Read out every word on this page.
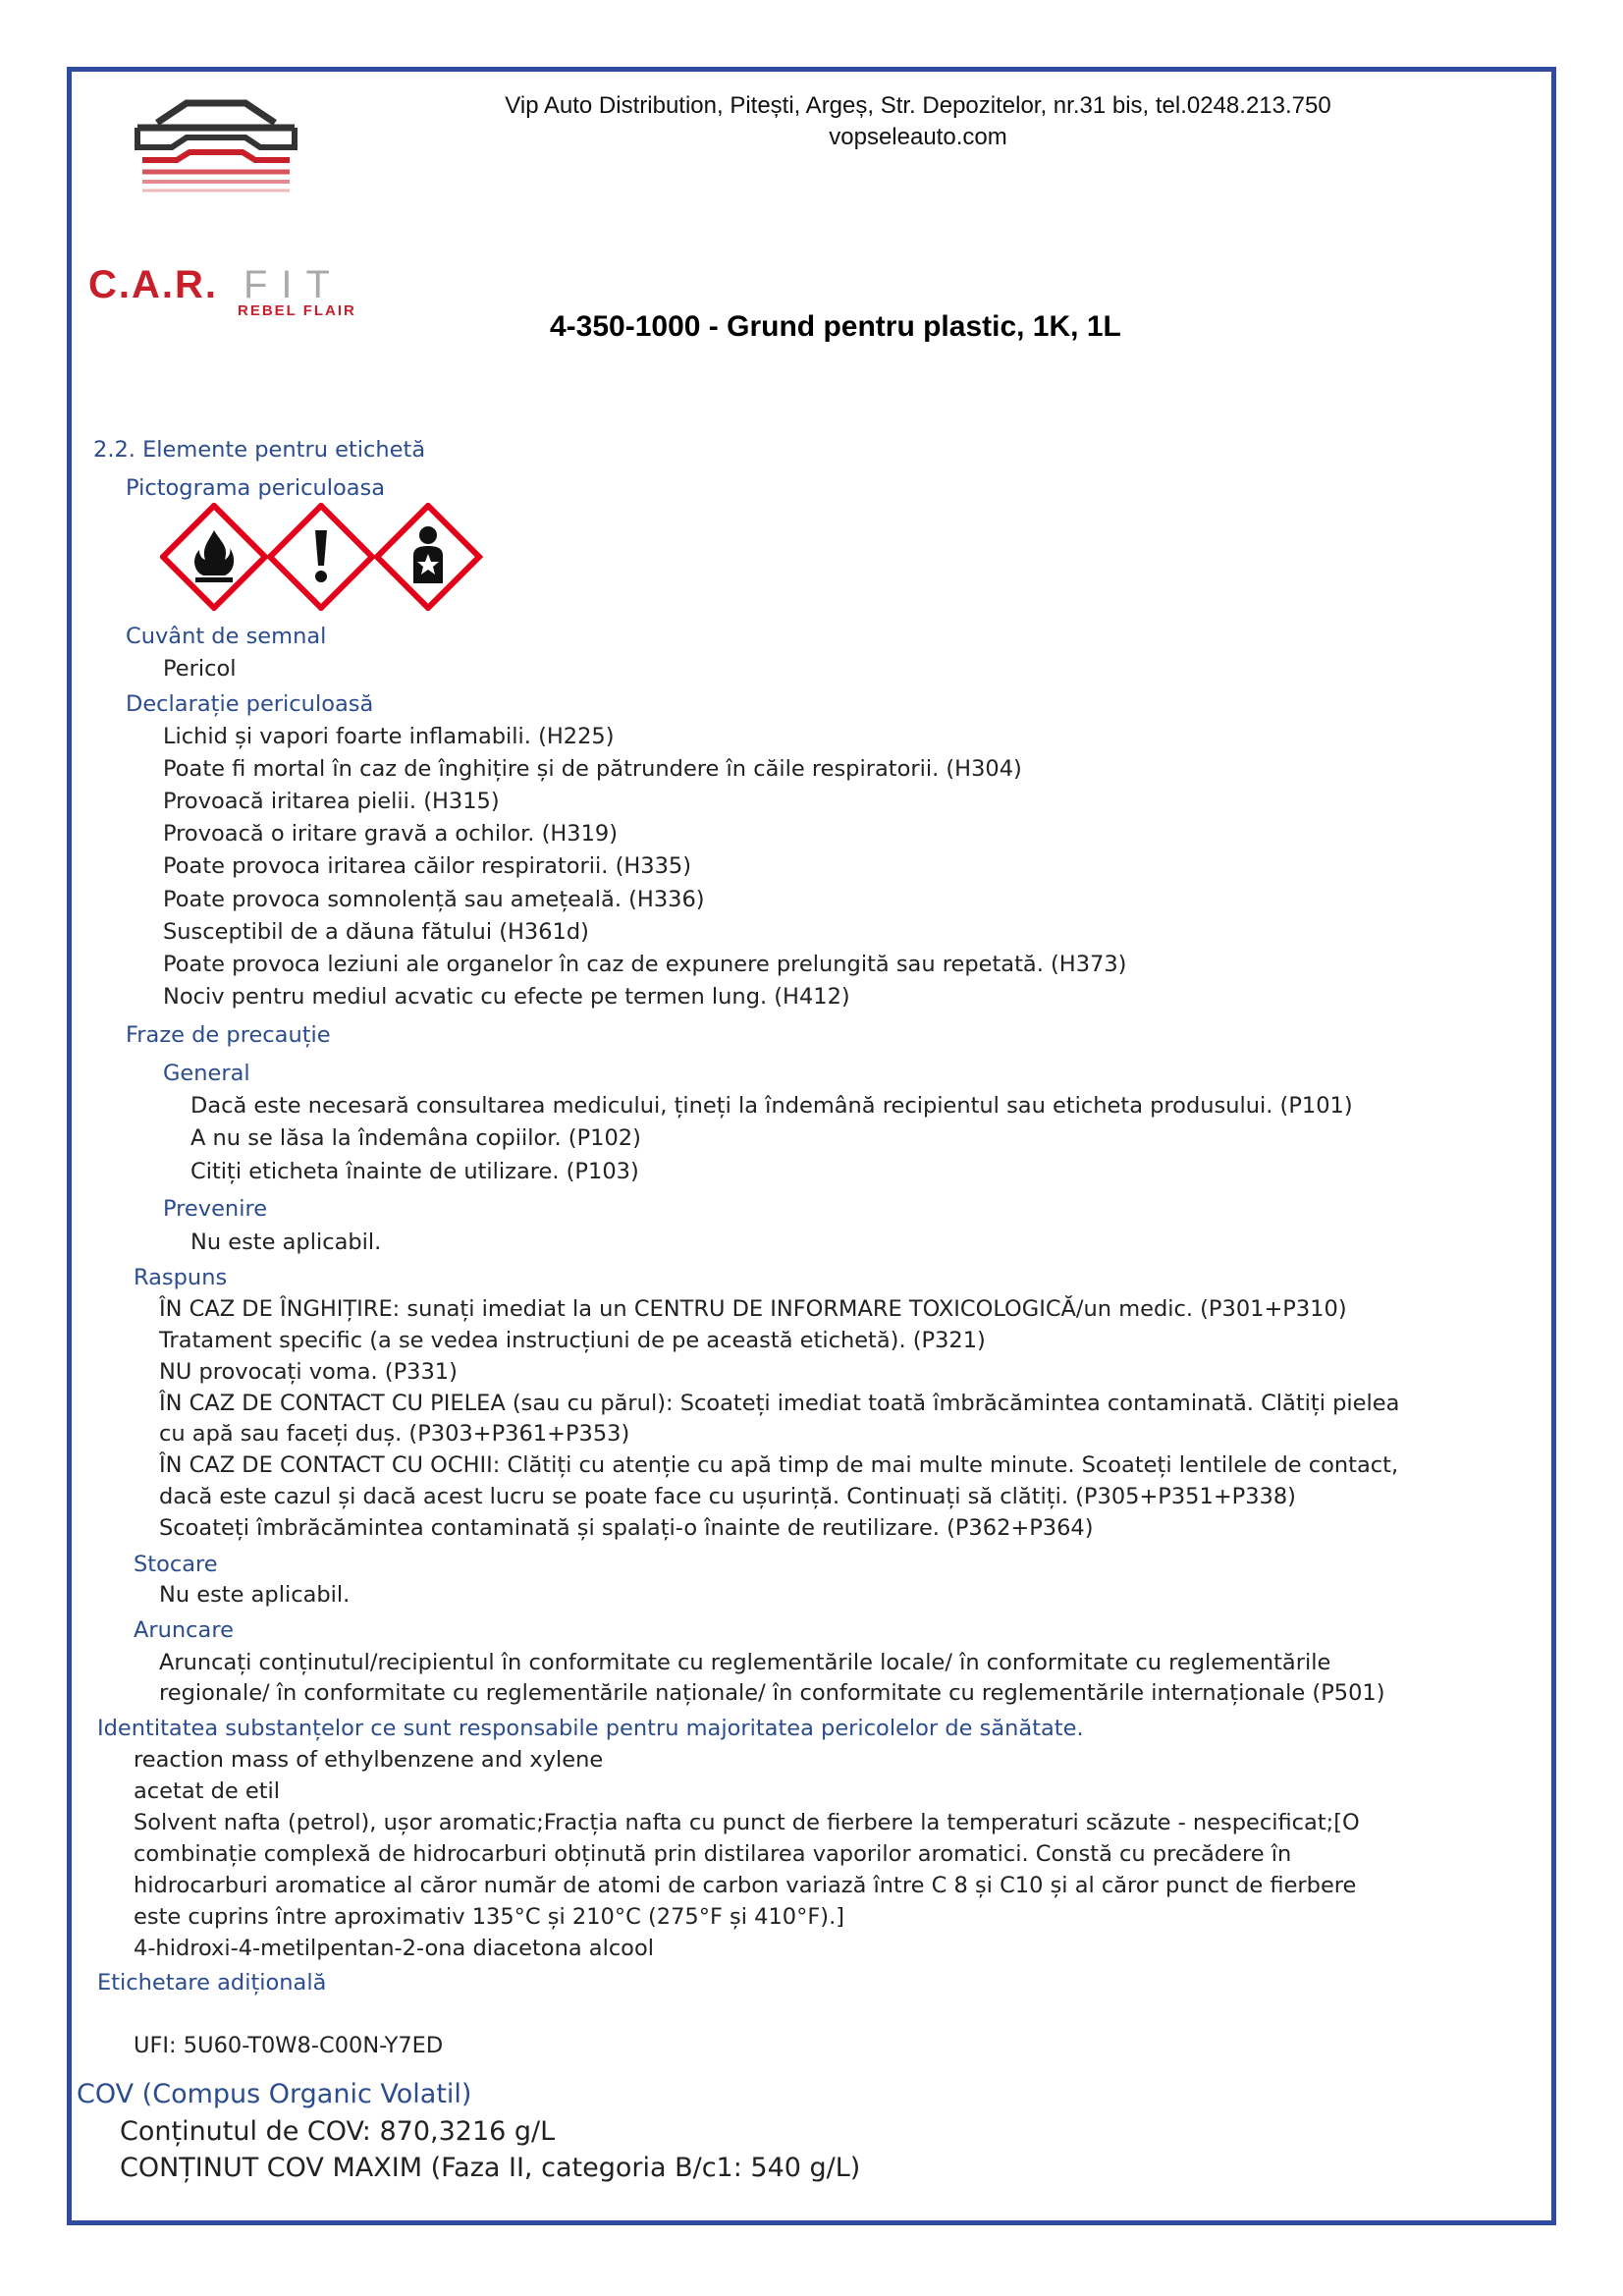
Vip Auto Distribution, Pitești, Argeș, Str. Depozitelor, nr.31 bis, tel.0248.213.750
vopseleauto.com
C.A.R. FIT
REBEL FLAIR	4-350-1000 - Grund pentru plastic, 1K, 1L
2.2. Elemente pentru etichetă
Pictograma periculoasa
Cuvânt de semnal
Pericol
Declarație periculoasă
Lichid și vapori foarte inflamabili. (H225)
Poate fi mortal în caz de înghițire și de pătrundere în căile respiratorii. (H304)
Provoacă iritarea pielii. (H315)
Provoacă o iritare gravă a ochilor. (H319)
Poate provoca iritarea căilor respiratorii. (H335)
Poate provoca somnolență sau amețeală. (H336)
Susceptibil de a dăuna fătului (H361d)
Poate provoca leziuni ale organelor în caz de expunere prelungită sau repetată. (H373)
Nociv pentru mediul acvatic cu efecte pe termen lung. (H412)
Fraze de precauție
General
Dacă este necesară consultarea medicului, țineți la îndemână recipientul sau eticheta produsului. (P101)
A nu se lăsa la îndemâna copiilor. (P102)
Citiți eticheta înainte de utilizare. (P103)
Prevenire
Nu este aplicabil.
Raspuns
ÎN CAZ DE ÎNGHIȚIRE: sunați imediat la un CENTRU DE INFORMARE TOXICOLOGICĂ/un medic. (P301+P310)
Tratament specific (a se vedea instrucțiuni de pe această etichetă). (P321)
NU provocați voma. (P331)
ÎN CAZ DE CONTACT CU PIELEA (sau cu părul): Scoateți imediat toată îmbrăcămintea contaminată. Clătiți pielea
cu apă sau faceți duș. (P303+P361+P353)
ÎN CAZ DE CONTACT CU OCHII: Clătiți cu atenție cu apă timp de mai multe minute. Scoateți lentilele de contact,
dacă este cazul și dacă acest lucru se poate face cu ușurință. Continuați să clătiți. (P305+P351+P338)
Scoateți îmbrăcămintea contaminată și spalați-o înainte de reutilizare. (P362+P364)
Stocare
Nu este aplicabil.
Aruncare
Aruncați conținutul/recipientul în conformitate cu reglementările locale/ în conformitate cu reglementările
regionale/ în conformitate cu reglementările naționale/ în conformitate cu reglementările internaționale (P501)
Identitatea substanțelor ce sunt responsabile pentru majoritatea pericolelor de sănătate.
reaction mass of ethylbenzene and xylene
acetat de etil
Solvent nafta (petrol), ușor aromatic;Fracția nafta cu punct de fierbere la temperaturi scăzute - nespecificat;[O
combinație complexă de hidrocarburi obținută prin distilarea vaporilor aromatici. Constă cu precădere în
hidrocarburi aromatice al căror număr de atomi de carbon variază între C 8 și C10 și al căror punct de fierbere
este cuprins între aproximativ 135°C și 210°C (275°F și 410°F).]
4-hidroxi-4-metilpentan-2-ona diacetona alcool
Etichetare adițională
UFI: 5U60-T0W8-C00N-Y7ED
COV (Compus Organic Volatil)
Conținutul de COV: 870,3216 g/L
CONȚINUT COV MAXIM (Faza II, categoria B/c1: 540 g/L)
